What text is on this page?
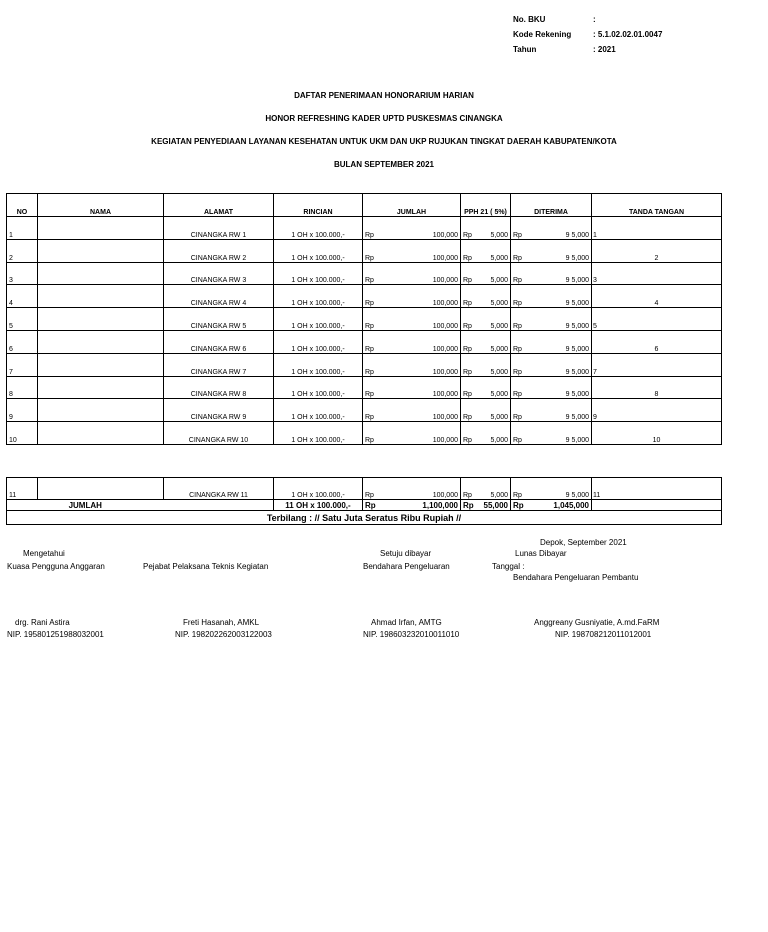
No. BKU	:
Kode Rekening	: 5.1.02.02.01.0047
Tahun	: 2021
DAFTAR PENERIMAAN HONORARIUM HARIAN
HONOR REFRESHING KADER UPTD PUSKESMAS CINANGKA
KEGIATAN PENYEDIAAN LAYANAN KESEHATAN UNTUK UKM DAN UKP RUJUKAN TINGKAT DAERAH KABUPATEN/KOTA
BULAN SEPTEMBER 2021
NO	NAMA	ALAMAT	RINCIAN	JUMLAH	PPH 21 ( 5%)	DITERIMA	TANDA TANGAN
1		CINANGKA RW 1	1 OH x 100.000,-	Rp 100,000	Rp 5,000	Rp 9 5,000	1
2		CINANGKA RW 2	1 OH x 100.000,-	Rp 100,000	Rp 5,000	Rp 9 5,000	2
3		CINANGKA RW 3	1 OH x 100.000,-	Rp 100,000	Rp 5,000	Rp 9 5,000	3
4		CINANGKA RW 4	1 OH x 100.000,-	Rp 100,000	Rp 5,000	Rp 9 5,000	4
5		CINANGKA RW 5	1 OH x 100.000,-	Rp 100,000	Rp 5,000	Rp 9 5,000	5
6		CINANGKA RW 6	1 OH x 100.000,-	Rp 100,000	Rp 5,000	Rp 9 5,000	6
7		CINANGKA RW 7	1 OH x 100.000,-	Rp 100,000	Rp 5,000	Rp 9 5,000	7
8		CINANGKA RW 8	1 OH x 100.000,-	Rp 100,000	Rp 5,000	Rp 9 5,000	8
9		CINANGKA RW 9	1 OH x 100.000,-	Rp 100,000	Rp 5,000	Rp 9 5,000	9
10		CINANGKA RW 10	1 OH x 100.000,-	Rp 100,000	Rp 5,000	Rp 9 5,000	10
11		CINANGKA RW 11	1 OH x 100.000,-	Rp 100,000	Rp 5,000	Rp 9 5,000	11
JUMLAH			11 OH x 100.000,-	Rp 1,100,000	Rp 55,000	Rp 1,045,000	

Terbilang : // Satu Juta Seratus Ribu Rupiah //							
Depok, September 2021
Mengetahui	Setuju dibayar	Lunas Dibayar
Kuasa Pengguna Anggaran	Pejabat Pelaksana Teknis Kegiatan	Bendahara Pengeluaran	Tanggal :
Bendahara Pengeluaran Pembantu
drg. Rani Astira
NIP. 195801251988032001
Freti Hasanah, AMKL
NIP. 198202262003122003
Ahmad Irfan, AMTG
NIP. 198603232010011010
Anggreany Gusniyatie, A.md.FaRM
NIP. 198708212011012001
